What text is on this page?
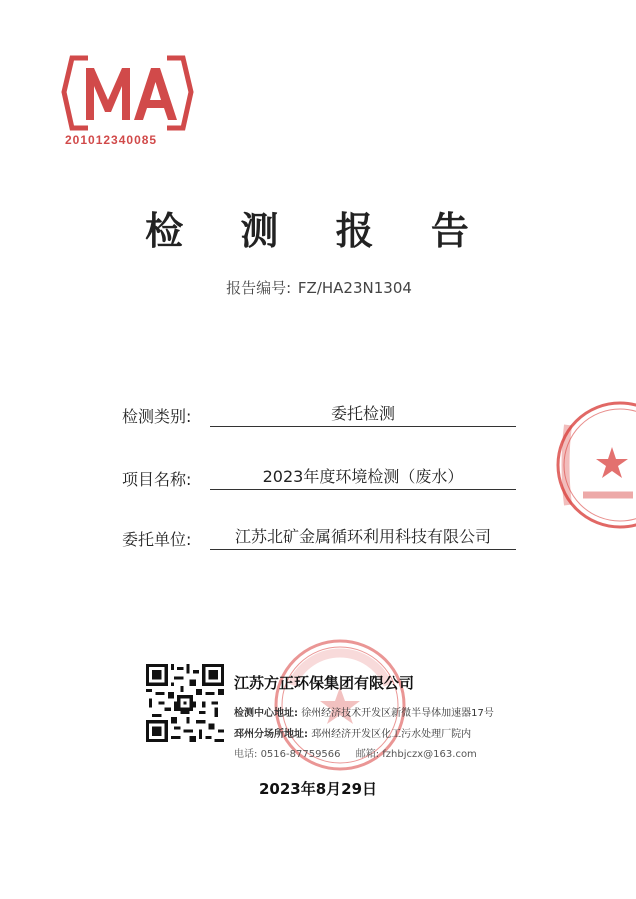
201012340085
检 测 报 告
报告编号: FZ/HA23N1304
检测类别:	委托检测
项目名称:	2023年度环境检测（废水）
委托单位:	江苏北矿金属循环利用科技有限公司
江苏方正环保集团有限公司
检测中心地址: 徐州经济技术开发区新微半导体加速器17号
邳州分场所地址: 邳州经济开发区化工污水处理厂院内
电话: 0516-87759566 邮箱: fzhbjczx@163.com
2023年8月29日
